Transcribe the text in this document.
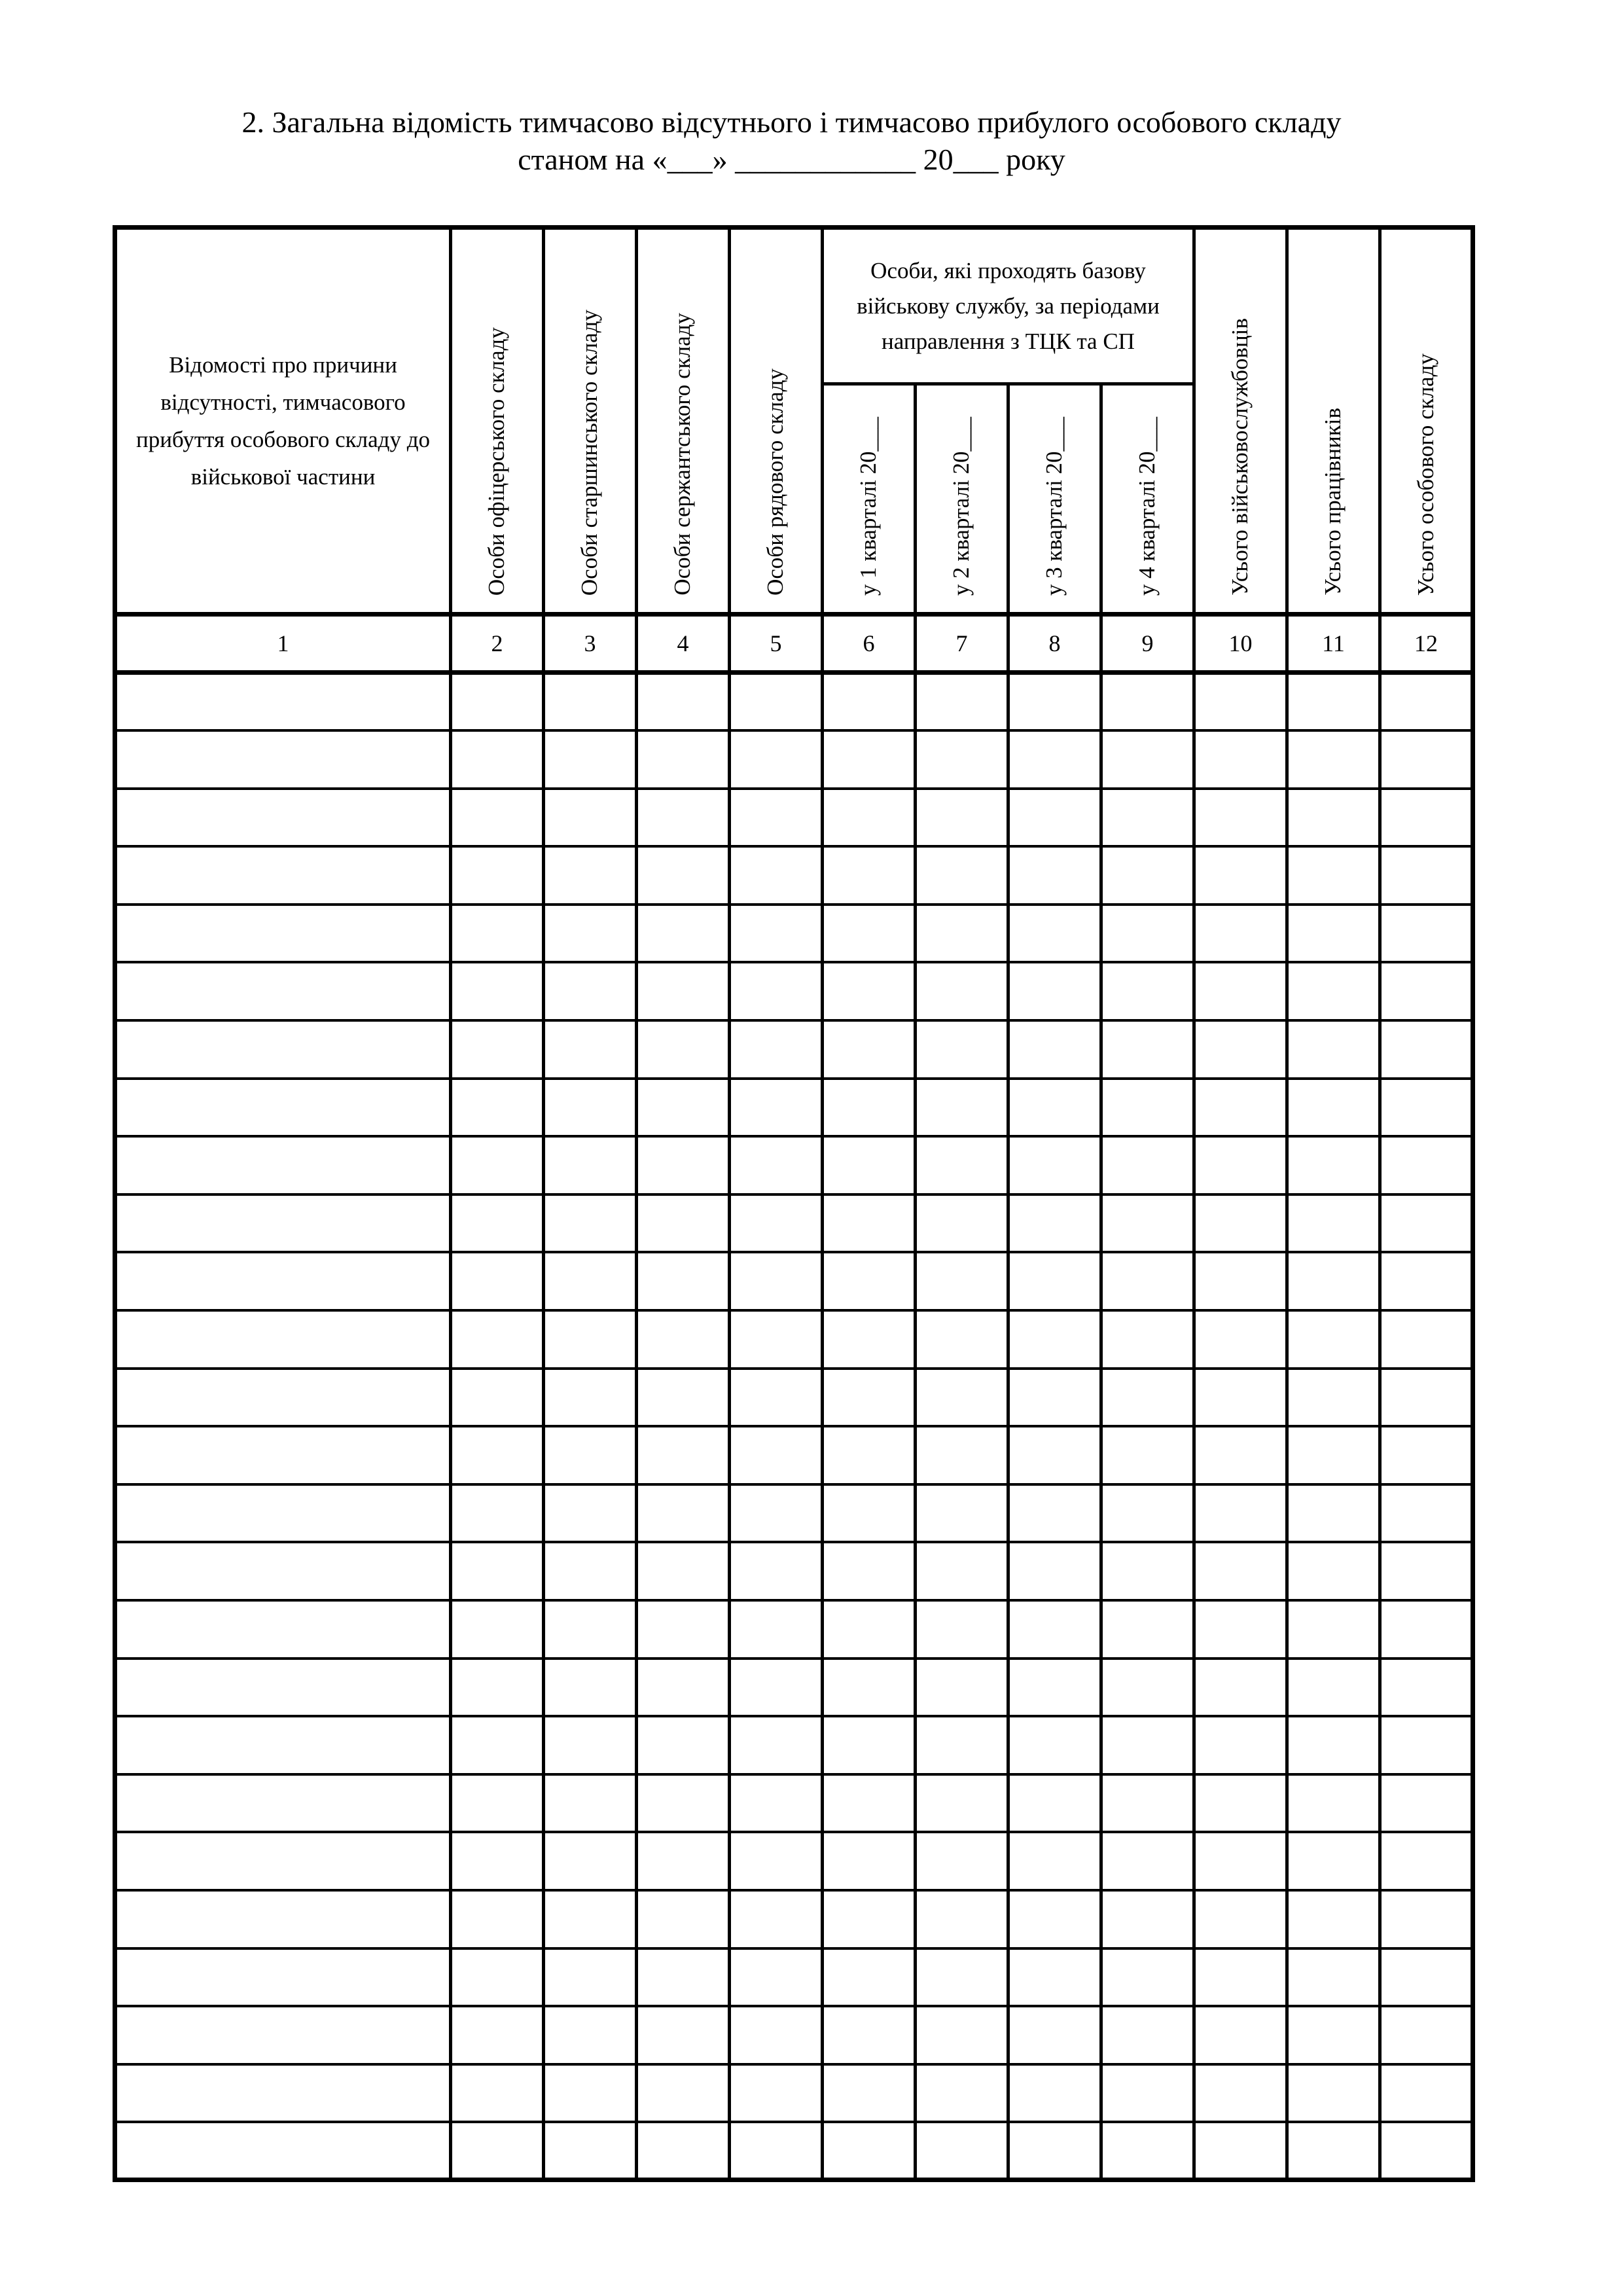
2. Загальна відомість тимчасово відсутнього і тимчасово прибулого особового складу
станом на «___» ____________ 20___ року
Відомості про причини відсутності, тимчасового прибуття особового складу до військової частини	Особи офіцерського складу	Особи старшинського складу	Особи сержантського складу	Особи рядового складу	Особи, які проходять базову військову службу, за періодами направлення з ТЦК та СП				Усього військовослужбовців	Усього працівників	Усього особового складу
					у 1 кварталі 20___	у 2 кварталі 20___	у 3 кварталі 20___	у 4 кварталі 20___			
1	2	3	4	5	6	7	8	9	10	11	12
